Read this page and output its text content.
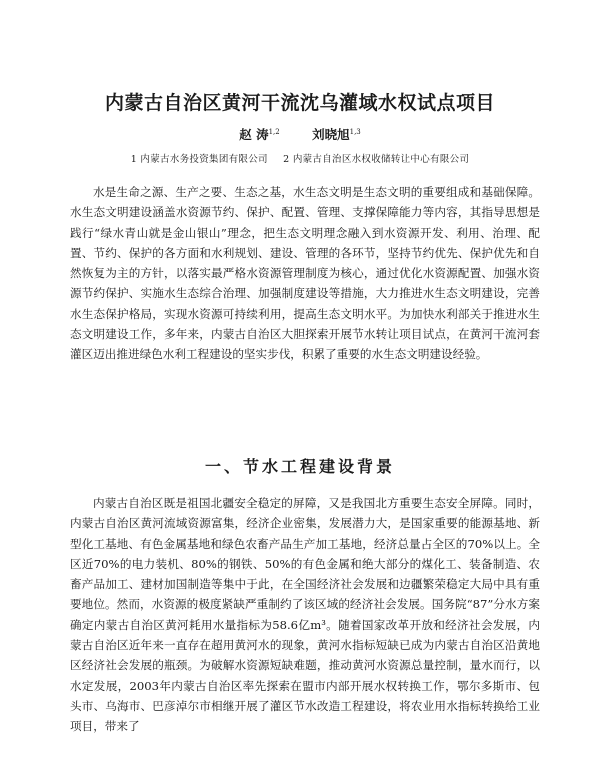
内蒙古自治区黄河干流沈乌灌域水权试点项目
赵 涛$^{1,2}$	刘晓旭$^{1,3}$
1 内蒙古水务投资集团有限公司 2 内蒙古自治区水权收储转让中心有限公司

水是生命之源、生产之要、生态之基，水生态文明是生态文明的重要组成和基础保障。水生态文明建设涵盖水资源节约、保护、配置、管理、支撑保障能力等内容，其指导思想是践行“绿水青山就是金山银山”理念，把生态文明理念融入到水资源开发、利用、治理、配置、节约、保护的各方面和水利规划、建设、管理的各环节，坚持节约优先、保护优先和自然恢复为主的方针，以落实最严格水资源管理制度为核心，通过优化水资源配置、加强水资源节约保护、实施水生态综合治理、加强制度建设等措施，大力推进水生态文明建设，完善水生态保护格局，实现水资源可持续利用，提高生态文明水平。为加快水利部关于推进水生态文明建设工作，多年来，内蒙古自治区大胆探索开展节水转让项目试点，在黄河干流河套灌区迈出推进绿色水利工程建设的坚实步伐，积累了重要的水生态文明建设经验。

一、节水工程建设背景

内蒙古自治区既是祖国北疆安全稳定的屏障，又是我国北方重要生态安全屏障。同时，内蒙古自治区黄河流域资源富集，经济企业密集，发展潜力大，是国家重要的能源基地、新型化工基地、有色金属基地和绿色农畜产品生产加工基地，经济总量占全区的70%以上。全区近70%的电力装机、80%的钢铁、50%的有色金属和绝大部分的煤化工、装备制造、农畜产品加工、建材加国制造等集中于此，在全国经济社会发展和边疆繁荣稳定大局中具有重要地位。然而，水资源的极度紧缺严重制约了该区域的经济社会发展。国务院“87”分水方案确定内蒙古自治区黄河耗用水量指标为58.6亿m³。随着国家改革开放和经济社会发展，内蒙古自治区近年来一直存在超用黄河水的现象，黄河水指标短缺已成为内蒙古自治区沿黄地区经济社会发展的瓶颈。为破解水资源短缺难题，推动黄河水资源总量控制，量水而行，以水定发展，2003年内蒙古自治区率先探索在盟市内部开展水权转换工作，鄂尔多斯市、包头市、乌海市、巴彦淖尔市相继开展了灌区节水改造工程建设，将农业用水指标转换给工业项目，带来了
